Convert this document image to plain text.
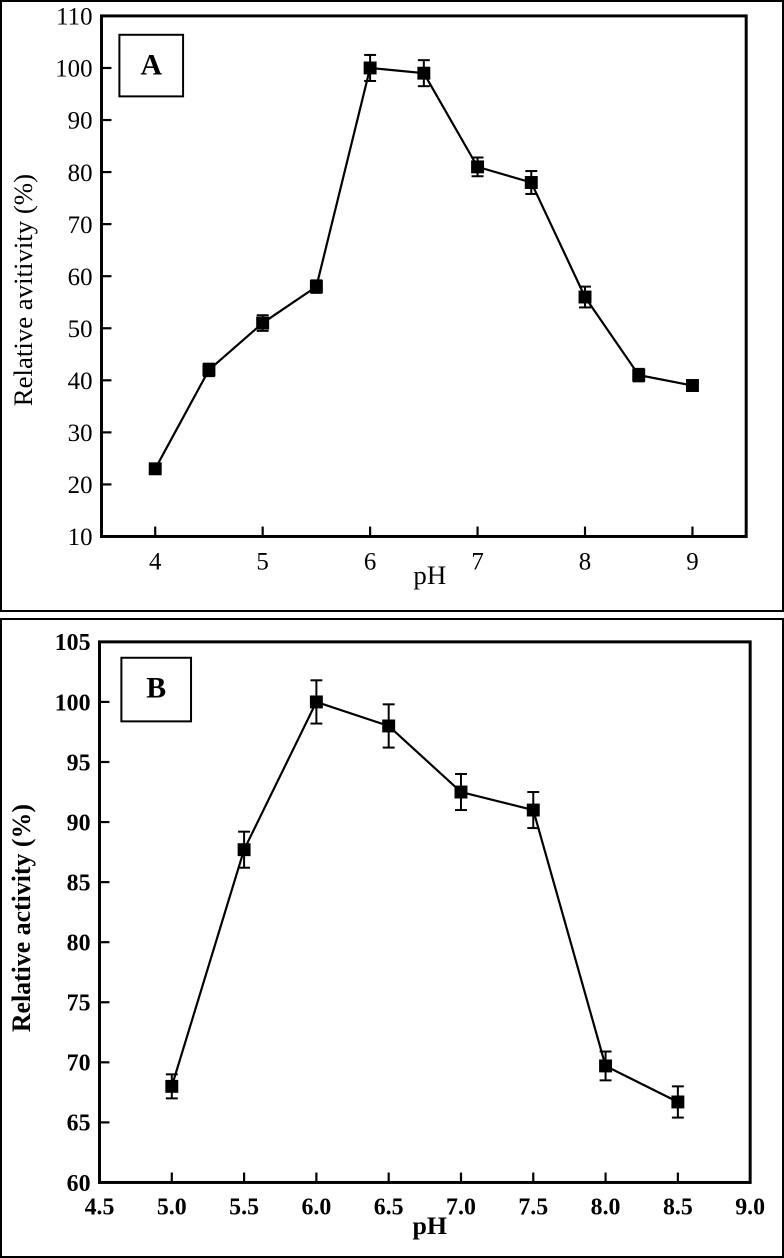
10
20
30
40
50
60
70
80
90
100
110
4	5	6	7	8	9
pH
Relative avitivity (%)
A
60
65
70
75
80
85
90
95
100
105
4.5 5.0 5.5 6.0 6.5 7.0 7.5 8.0 8.5 9.0
pH
Relative activity (%)
B
